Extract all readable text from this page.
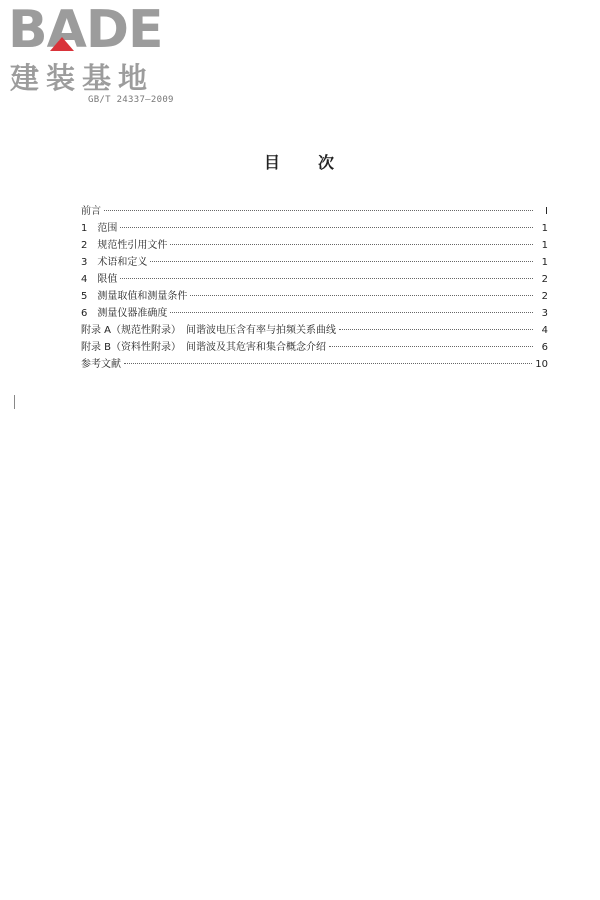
BADE
建装基地
GB/T 24337—2009
目 次
前言	Ⅰ
1　范围	1
2　规范性引用文件	1
3　术语和定义	1
4　限值	2
5　测量取值和测量条件	2
6　测量仪器准确度	3
附录 A（规范性附录）　间谐波电压含有率与拍频关系曲线	4
附录 B（资料性附录）　间谐波及其危害和集合概念介绍	6
参考文献	10
